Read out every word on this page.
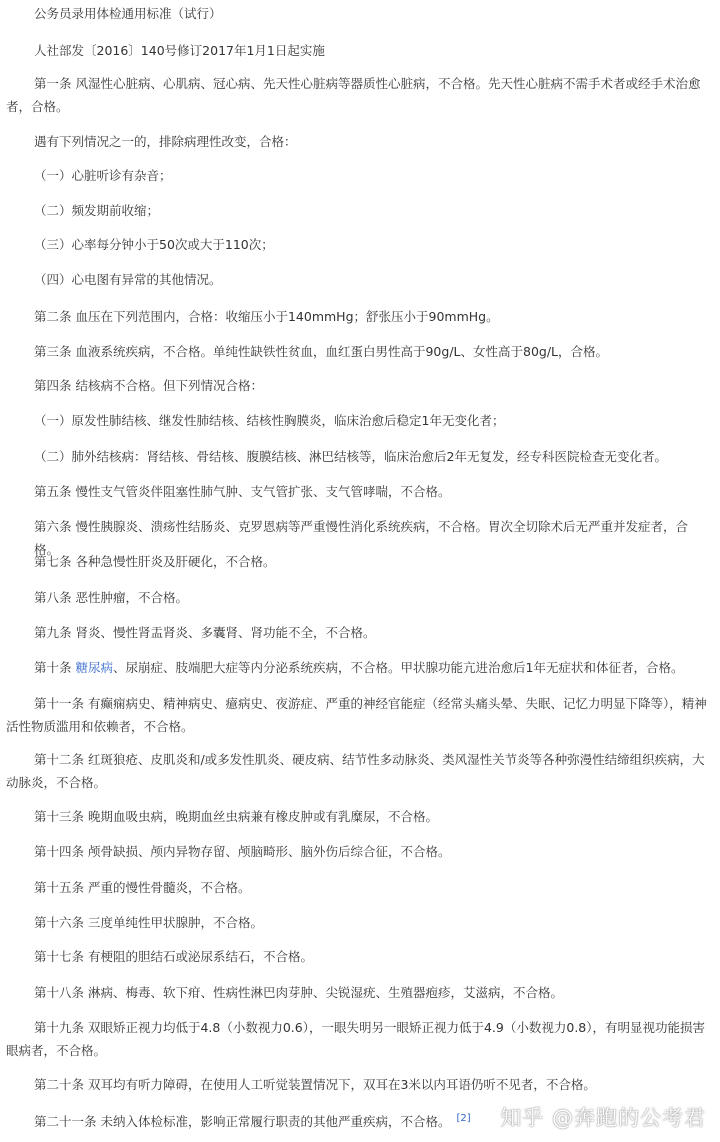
公务员录用体检通用标准（试行）
人社部发〔2016〕140号修订2017年1月1日起实施
第一条 风湿性心脏病、心肌病、冠心病、先天性心脏病等器质性心脏病，不合格。先天性心脏病不需手术者或经手术治愈者，合格。
遇有下列情况之一的，排除病理性改变，合格：
（一）心脏听诊有杂音；
（二）频发期前收缩；
（三）心率每分钟小于50次或大于110次；
（四）心电图有异常的其他情况。
第二条 血压在下列范围内，合格：收缩压小于140mmHg；舒张压小于90mmHg。
第三条 血液系统疾病，不合格。单纯性缺铁性贫血，血红蛋白男性高于90g/L、女性高于80g/L，合格。
第四条 结核病不合格。但下列情况合格：
（一）原发性肺结核、继发性肺结核、结核性胸膜炎，临床治愈后稳定1年无变化者；
（二）肺外结核病：肾结核、骨结核、腹膜结核、淋巴结核等，临床治愈后2年无复发，经专科医院检查无变化者。
第五条 慢性支气管炎伴阻塞性肺气肿、支气管扩张、支气管哮喘，不合格。
第六条 慢性胰腺炎、溃疡性结肠炎、克罗恩病等严重慢性消化系统疾病，不合格。胃次全切除术后无严重并发症者，合格。
第七条 各种急慢性肝炎及肝硬化，不合格。
第八条 恶性肿瘤，不合格。
第九条 肾炎、慢性肾盂肾炎、多囊肾、肾功能不全，不合格。
第十条 糖尿病、尿崩症、肢端肥大症等内分泌系统疾病，不合格。甲状腺功能亢进治愈后1年无症状和体征者，合格。
第十一条 有癫痫病史、精神病史、癔病史、夜游症、严重的神经官能症（经常头痛头晕、失眠、记忆力明显下降等），精神活性物质滥用和依赖者，不合格。
第十二条 红斑狼疮、皮肌炎和/或多发性肌炎、硬皮病、结节性多动脉炎、类风湿性关节炎等各种弥漫性结缔组织疾病，大动脉炎，不合格。
第十三条 晚期血吸虫病，晚期血丝虫病兼有橡皮肿或有乳糜尿，不合格。
第十四条 颅骨缺损、颅内异物存留、颅脑畸形、脑外伤后综合征，不合格。
第十五条 严重的慢性骨髓炎，不合格。
第十六条 三度单纯性甲状腺肿，不合格。
第十七条 有梗阻的胆结石或泌尿系结石，不合格。
第十八条 淋病、梅毒、软下疳、性病性淋巴肉芽肿、尖锐湿疣、生殖器疱疹，艾滋病，不合格。
第十九条 双眼矫正视力均低于4.8（小数视力0.6），一眼失明另一眼矫正视力低于4.9（小数视力0.8），有明显视功能损害眼病者，不合格。
第二十条 双耳均有听力障碍，在使用人工听觉装置情况下，双耳在3米以内耳语仍听不见者，不合格。
第二十一条 未纳入体检标准，影响正常履行职责的其他严重疾病，不合格。 [2]	知乎 @奔跑的公考君
